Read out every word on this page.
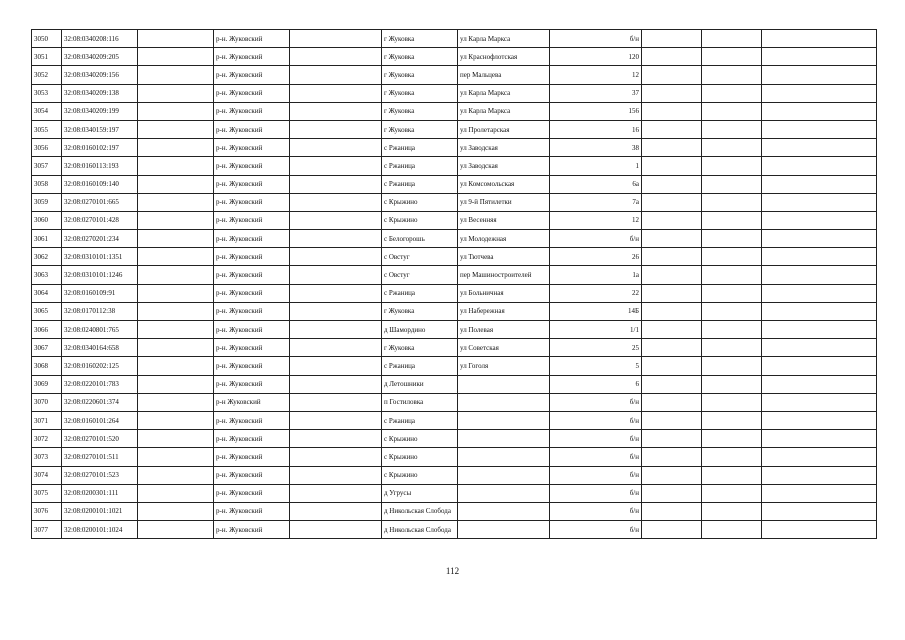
3050	32:08:0340208:116		р-н. Жуковский		г Жуковка	ул Карла Маркса	б/н			
3051	32:08:0340209:205		р-н. Жуковский		г Жуковка	ул Краснофлотская	120			
3052	32:08:0340209:156		р-н. Жуковский		г Жуковка	пер Мальцева	12			
3053	32:08:0340209:138		р-н. Жуковский		г Жуковка	ул Карла Маркса	37			
3054	32:08:0340209:199		р-н. Жуковский		г Жуковка	ул Карла Маркса	156			
3055	32:08:0340159:197		р-н. Жуковский		г Жуковка	ул Пролетарская	16			
3056	32:08:0160102:197		р-н. Жуковский		с Ржаница	ул Заводская	38			
3057	32:08:0160113:193		р-н. Жуковский		с Ржаница	ул Заводская	1			
3058	32:08:0160109:140		р-н. Жуковский		с Ржаница	ул Комсомольская	6а			
3059	32:08:0270101:665		р-н. Жуковский		с Крыжино	ул 9-й Пятилетки	7а			
3060	32:08:0270101:428		р-н. Жуковский		с Крыжино	ул Весенняя	12			
3061	32:08:0270201:234		р-н. Жуковский		с Белогорошь	ул Молодежная	б/н			
3062	32:08:0310101:1351		р-н. Жуковский		с Овстуг	ул Тютчева	26			
3063	32:08:0310101:1246		р-н. Жуковский		с Овстуг	пер Машиностроителей	1а			
3064	32:08:0160109:91		р-н. Жуковский		с Ржаница	ул Больничная	22			
3065	32:08:0170112:38		р-н. Жуковский		г Жуковка	ул Набережная	14Б			
3066	32:08:0240801:765		р-н. Жуковский		д Шамордино	ул Полевая	1/1			
3067	32:08:0340164:658		р-н. Жуковский		г Жуковка	ул Советская	25			
3068	32:08:0160202:125		р-н. Жуковский		с Ржаница	ул Гоголя	5			
3069	32:08:0220101:783		р-н. Жуковский		д Летошники		6			
3070	32:08:0220601:374		р-н Жуковский		п Гостиловка		б/н			
3071	32:08:0160101:264		р-н. Жуковский		с Ржаница		б/н			
3072	32:08:0270101:520		р-н. Жуковский		с Крыжино		б/н			
3073	32:08:0270101:511		р-н. Жуковский		с Крыжино		б/н			
3074	32:08:0270101:523		р-н. Жуковский		с Крыжино		б/н			
3075	32:08:0200301:111		р-н. Жуковский		д Угрусы		б/н			
3076	32:08:0200101:1021		р-н. Жуковский		д Никольская Слобода		б/н			
3077	32:08:0200101:1024		р-н. Жуковский		д Никольская Слобода		б/н			
112
